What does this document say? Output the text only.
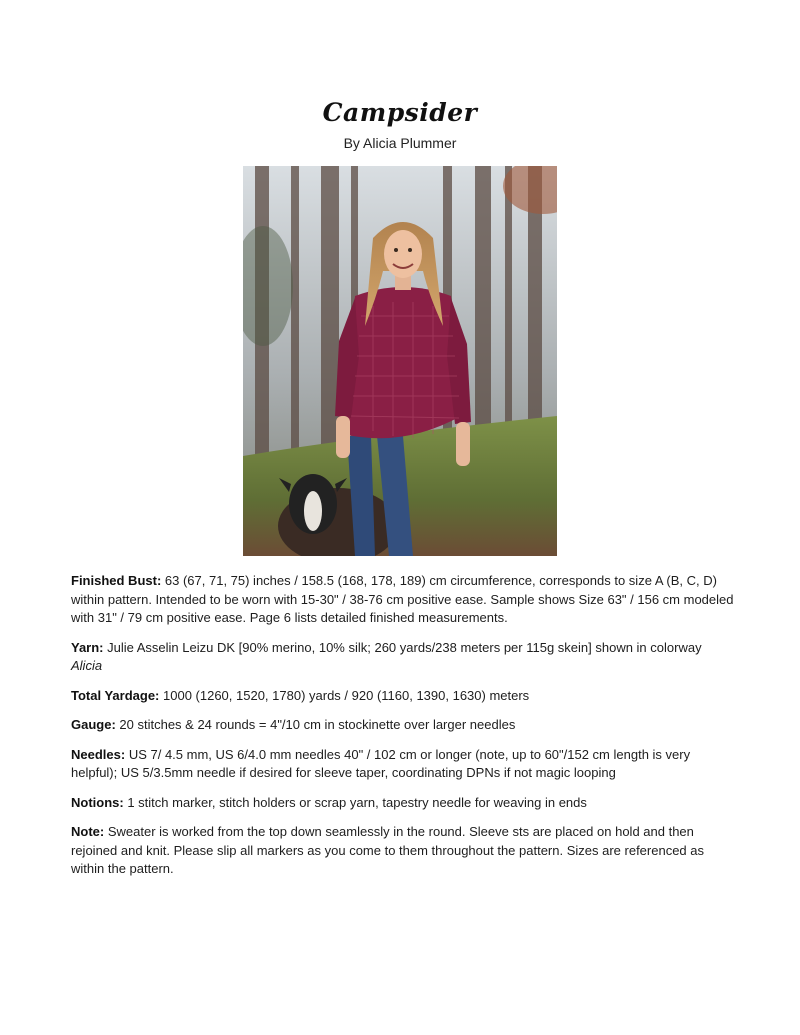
Campsider
By Alicia Plummer

Finished Bust: 63 (67, 71, 75) inches / 158.5 (168, 178, 189) cm circumference, corresponds to size A (B, C, D) within pattern. Intended to be worn with 15-30" / 38-76 cm positive ease. Sample shows Size 63" / 156 cm modeled with 31" / 79 cm positive ease. Page 6 lists detailed finished measurements.

Yarn: Julie Asselin Leizu DK [90% merino, 10% silk; 260 yards/238 meters per 115g skein] shown in colorway Alicia

Total Yardage: 1000 (1260, 1520, 1780) yards / 920 (1160, 1390, 1630) meters

Gauge: 20 stitches & 24 rounds = 4"/10 cm in stockinette over larger needles

Needles: US 7/ 4.5 mm, US 6/4.0 mm needles 40" / 102 cm or longer (note, up to 60"/152 cm length is very helpful); US 5/3.5mm needle if desired for sleeve taper, coordinating DPNs if not magic looping

Notions: 1 stitch marker, stitch holders or scrap yarn, tapestry needle for weaving in ends

Note: Sweater is worked from the top down seamlessly in the round. Sleeve sts are placed on hold and then rejoined and knit. Please slip all markers as you come to them throughout the pattern. Sizes are referenced as within the pattern.
